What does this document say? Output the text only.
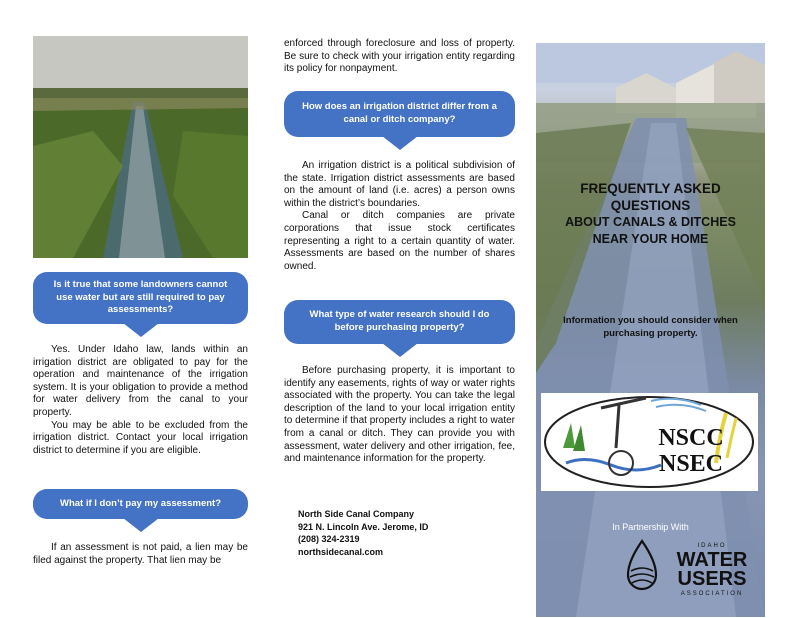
Is it true that some landowners cannot use water but are still required to pay assessments?

Yes. Under Idaho law, lands within an irrigation district are obligated to pay for the operation and maintenance of the irrigation system. It is your obligation to provide a method for water delivery from the canal to your property.

You may be able to be excluded from the irrigation district. Contact your local irrigation district to determine if you are eligible.

What if I don’t pay my assessment?

If an assessment is not paid, a lien may be filed against the property. That lien may be

enforced through foreclosure and loss of property. Be sure to check with your irrigation entity regarding its policy for nonpayment.

How does an irrigation district differ from a canal or ditch company?

An irrigation district is a political subdivision of the state. Irrigation district assessments are based on the amount of land (i.e. acres) a person owns within the district’s boundaries.

Canal or ditch companies are private corporations that issue stock certificates representing a right to a certain quantity of water. Assessments are based on the number of shares owned.

What type of water research should I do before purchasing property?

Before purchasing property, it is important to identify any easements, rights of way or water rights associated with the property. You can take the legal description of the land to your local irrigation entity to determine if that property includes a right to water from a canal or ditch. They can provide you with assessment, water delivery and other irrigation, fee, and maintenance information for the property.

North Side Canal Company
921 N. Lincoln Ave. Jerome, ID
(208) 324-2319
northsidecanal.com
FREQUENTLY ASKED
QUESTIONS
ABOUT CANALS & DITCHES
NEAR YOUR HOME
Information you should consider when purchasing property.
NSCC
NSEC
In Partnership With
IDAHO
WATER
USERS
ASSOCIATION
